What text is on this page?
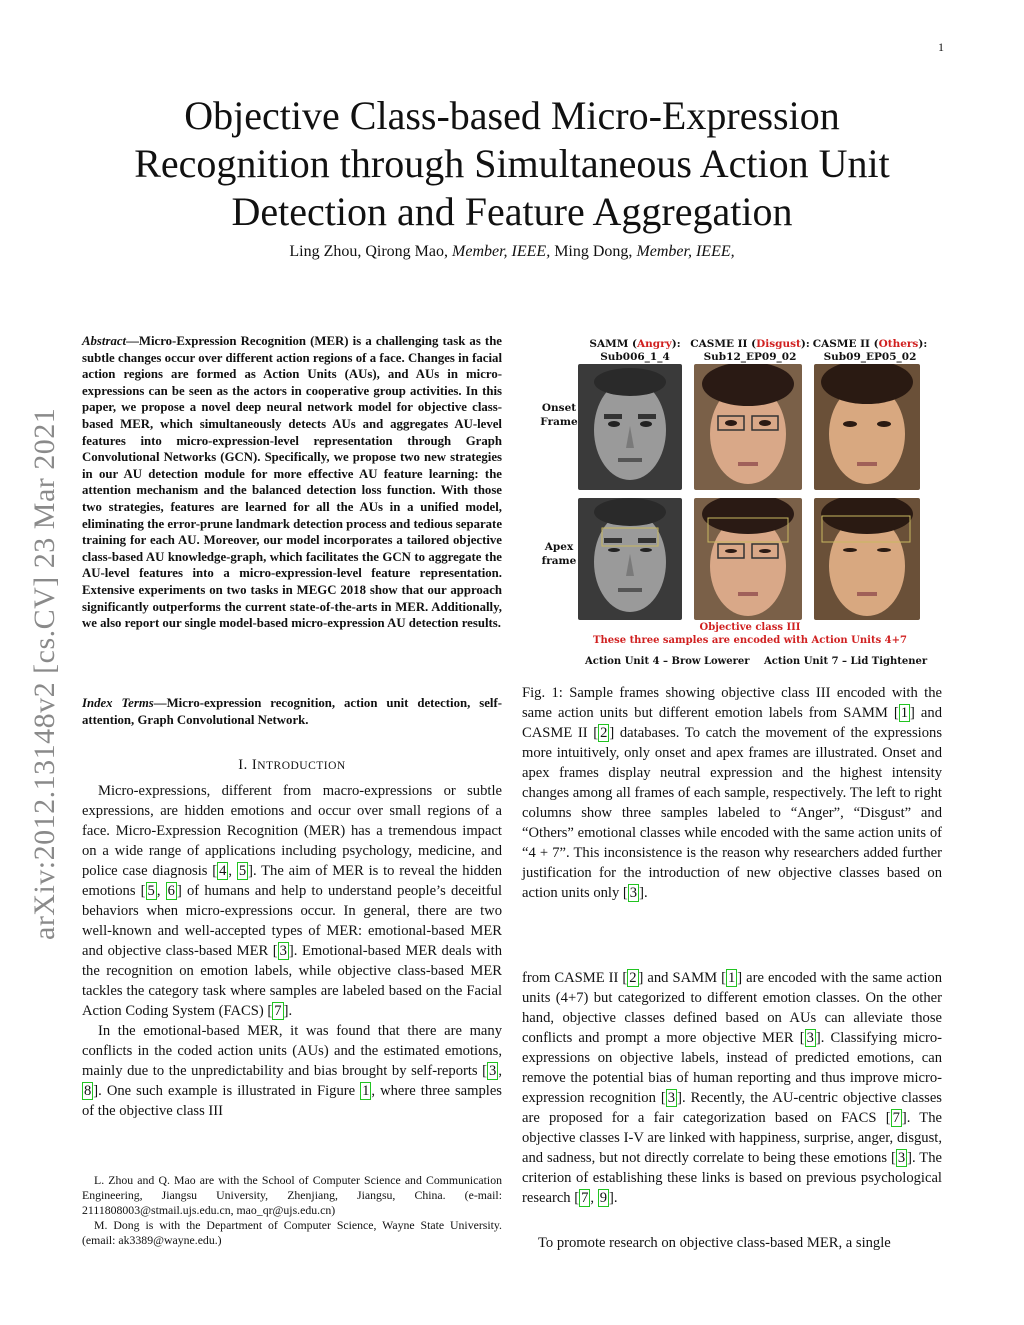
1
Objective Class-based Micro-Expression
Recognition through Simultaneous Action Unit
Detection and Feature Aggregation
Ling Zhou, Qirong Mao, Member, IEEE, Ming Dong, Member, IEEE,
arXiv:2012.13148v2 [cs.CV] 23 Mar 2021
Abstract—Micro-Expression Recognition (MER) is a challenging task as the subtle changes occur over different action regions of a face. Changes in facial action regions are formed as Action Units (AUs), and AUs in micro-expressions can be seen as the actors in cooperative group activities. In this paper, we propose a novel deep neural network model for objective class-based MER, which simultaneously detects AUs and aggregates AU-level features into micro-expression-level representation through Graph Convolutional Networks (GCN). Specifically, we propose two new strategies in our AU detection module for more effective AU feature learning: the attention mechanism and the balanced detection loss function. With those two strategies, features are learned for all the AUs in a unified model, eliminating the error-prune landmark detection process and tedious separate training for each AU. Moreover, our model incorporates a tailored objective class-based AU knowledge-graph, which facilitates the GCN to aggregate the AU-level features into a micro-expression-level feature representation. Extensive experiments on two tasks in MEGC 2018 show that our approach significantly outperforms the current state-of-the-arts in MER. Additionally, we also report our single model-based micro-expression AU detection results.
Index Terms—Micro-expression recognition, action unit detection, self-attention, Graph Convolutional Network.
I. INTRODUCTION

Micro-expressions, different from macro-expressions or subtle expressions, are hidden emotions and occur over small regions of a face. Micro-Expression Recognition (MER) has a tremendous impact on a wide range of applications including psychology, medicine, and police case diagnosis [ 4 , 5 ]. The aim of MER is to reveal the hidden emotions [ 5 , 6 ] of humans and help to understand people’s deceitful behaviors when micro-expressions occur. In general, there are two well-known and well-accepted types of MER: emotional-based MER and objective class-based MER [ 3 ]. Emotional-based MER deals with the recognition on emotion labels, while objective class-based MER tackles the category task where samples are labeled based on the Facial Action Coding System (FACS) [ 7 ].

In the emotional-based MER, it was found that there are many conflicts in the coded action units (AUs) and the estimated emotions, mainly due to the unpredictability and bias brought by self-reports [ 3 , 8 ]. One such example is illustrated in Figure 1 , where three samples of the objective class III

L. Zhou and Q. Mao are with the School of Computer Science and Communication Engineering, Jiangsu University, Zhenjiang, Jiangsu, China. (e-mail: 2111808003@stmail.ujs.edu.cn, mao_qr@ujs.edu.cn)

M. Dong is with the Department of Computer Science, Wayne State University. (email: ak3389@wayne.edu.)

SAMM (Angry):
Sub006_1_4
CASME II (Disgust):
Sub12_EP09_02
CASME II (Others):
Sub09_EP05_02
Onset
Frame
Apex
frame
Objective class III
These three samples are encoded with Action Units 4+7
Action Unit 4 – Brow Lowerer Action Unit 7 – Lid Tightener
Fig. 1: Sample frames showing objective class III encoded with the same action units but different emotion labels from SAMM [ 1 ] and CASME II [ 2 ] databases. To catch the movement of the expressions more intuitively, only onset and apex frames are illustrated. Onset and apex frames display neutral expression and the highest intensity changes among all frames of each sample, respectively. The left to right columns show three samples labeled to “Anger”, “Disgust” and “Others” emotional classes while encoded with the same action units of “4 + 7”. This inconsistence is the reason why researchers added further justification for the introduction of new objective classes based on action units only [ 3 ].
from CASME II [ 2 ] and SAMM [ 1 ] are encoded with the same action units (4+7) but categorized to different emotion classes. On the other hand, objective classes defined based on AUs can alleviate those conflicts and prompt a more objective MER [ 3 ]. Classifying micro-expressions on objective labels, instead of predicted emotions, can remove the potential bias of human reporting and thus improve micro-expression recognition [ 3 ]. Recently, the AU-centric objective classes are proposed for a fair categorization based on FACS [ 7 ]. The objective classes I-V are linked with happiness, surprise, anger, disgust, and sadness, but not directly correlate to being these emotions [ 3 ]. The criterion of establishing these links is based on previous psychological research [ 7 , 9 ].

To promote research on objective class-based MER, a single
